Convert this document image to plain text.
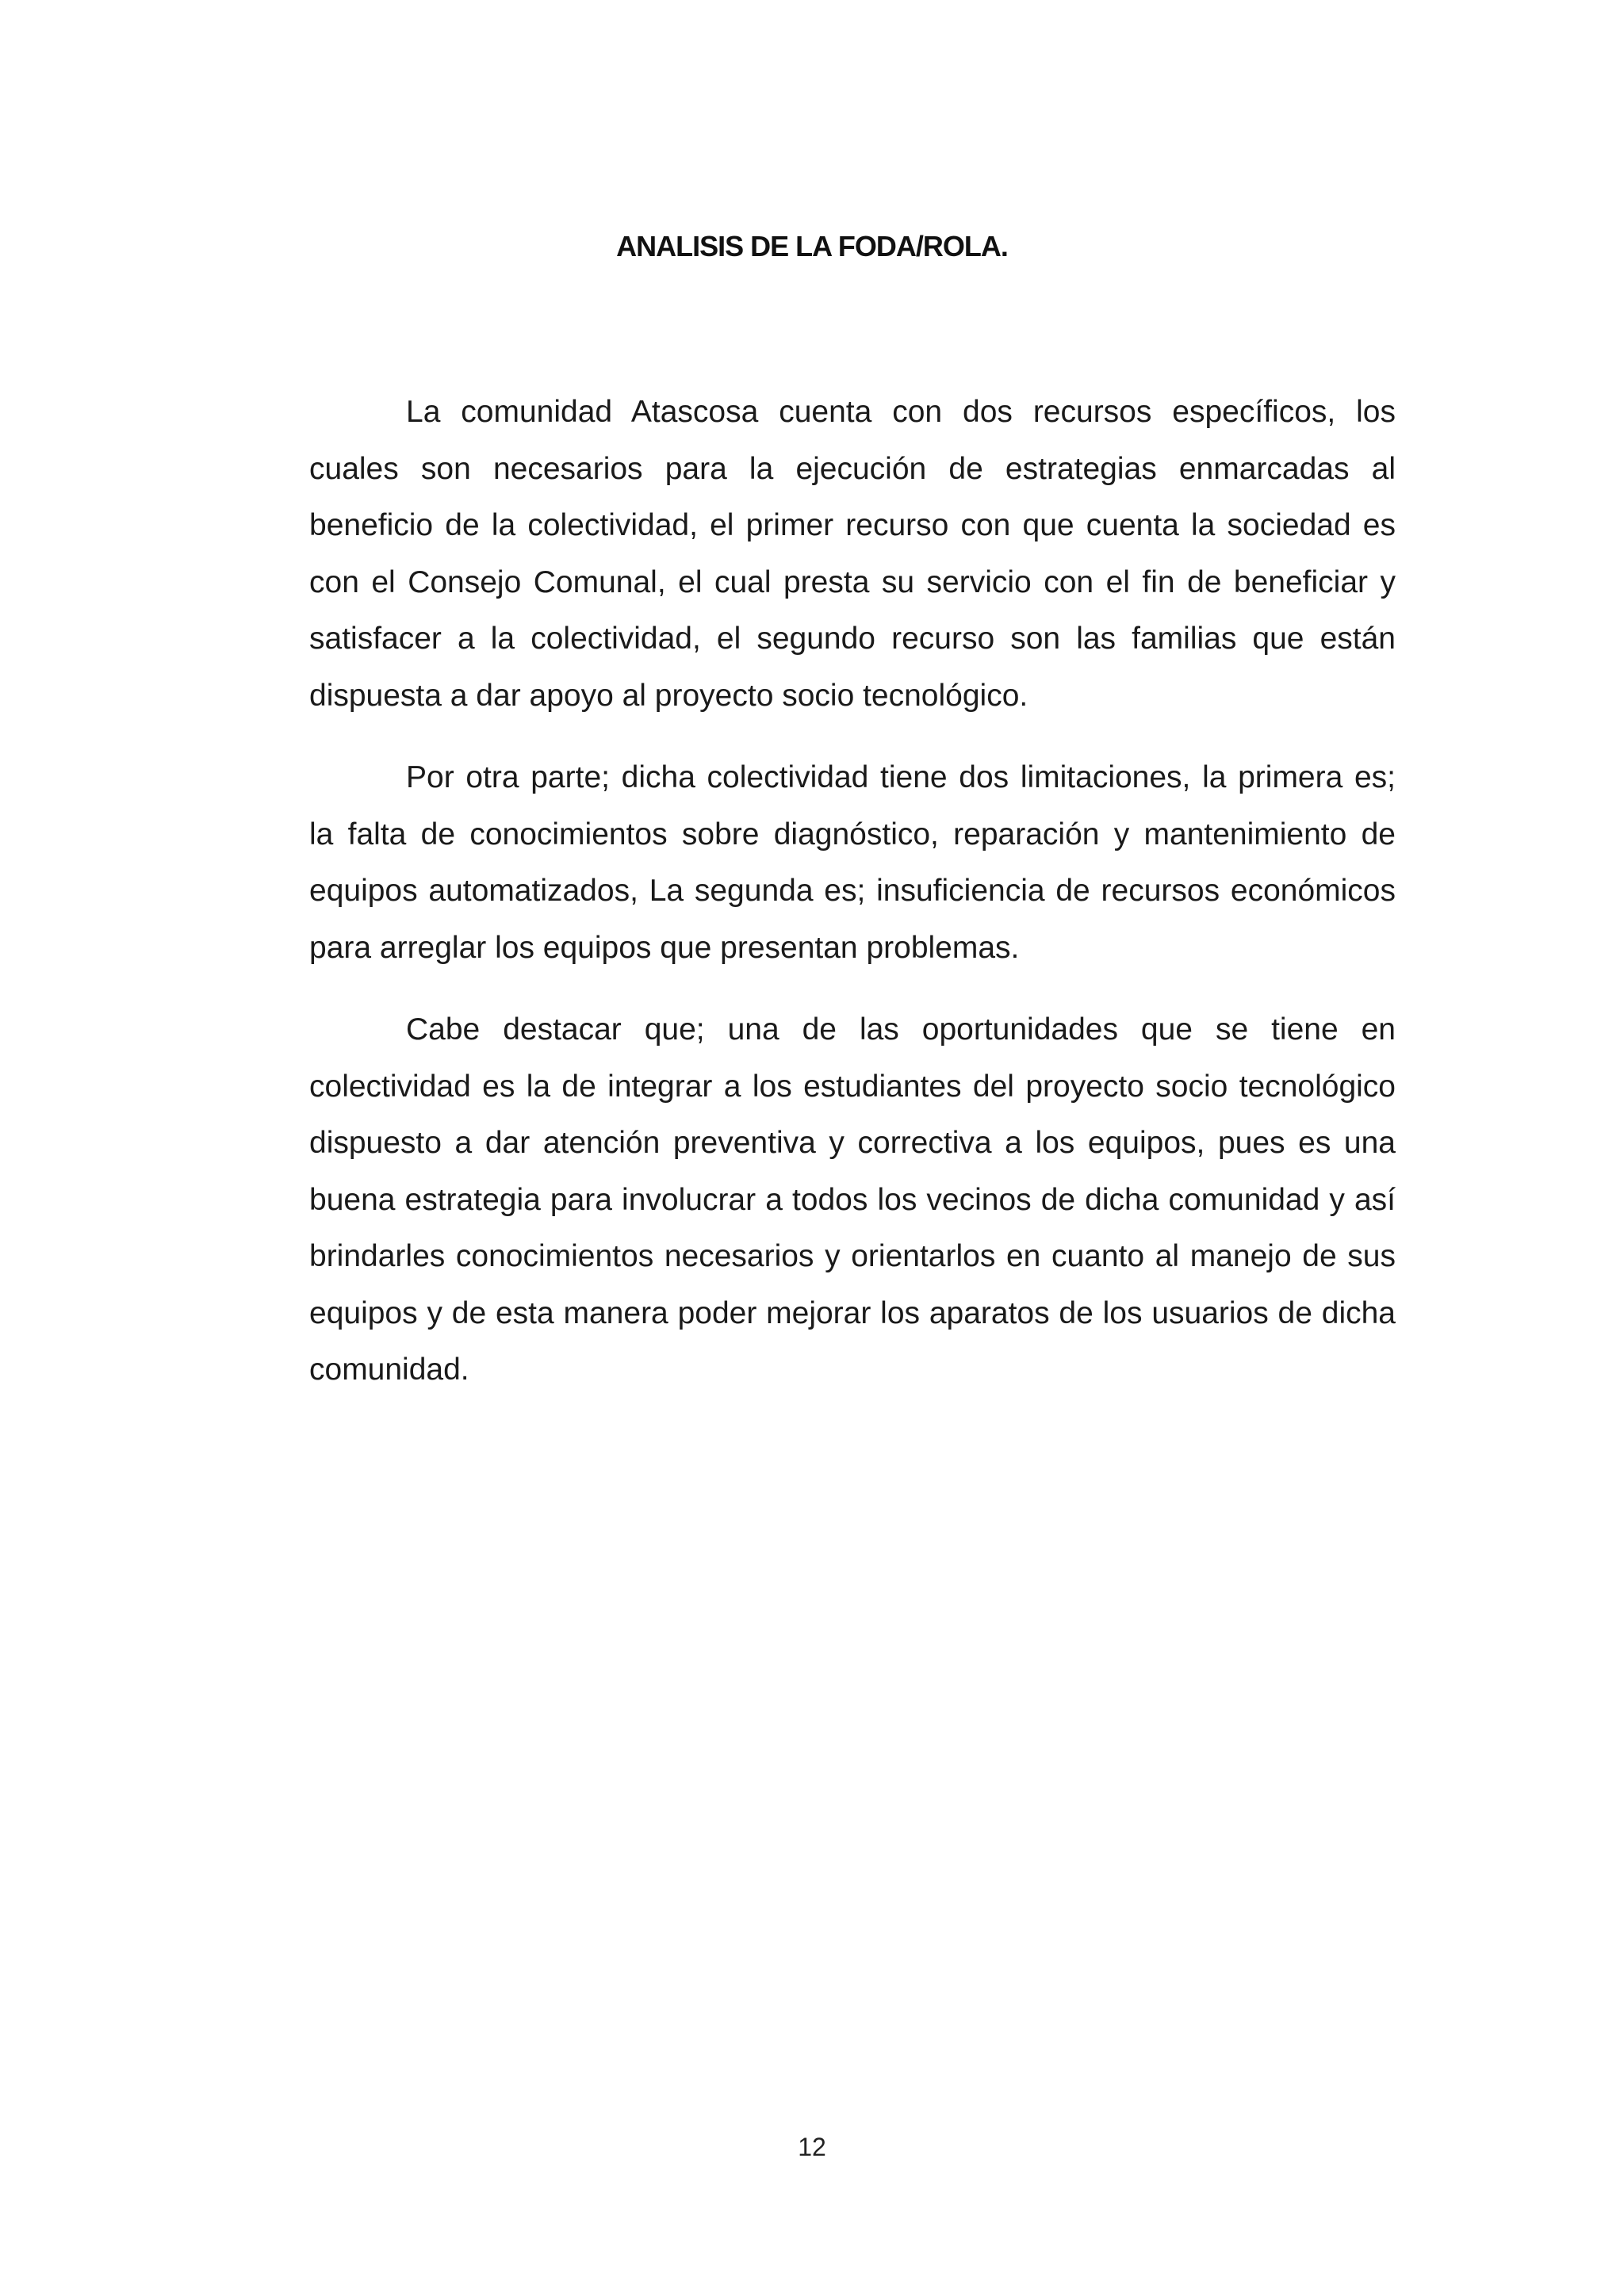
ANALISIS DE LA FODA/ROLA.

La comunidad Atascosa cuenta con dos recursos específicos, los cuales son necesarios para la ejecución de estrategias enmarcadas al beneficio de la colectividad, el primer recurso con que cuenta la sociedad es con el Consejo Comunal, el cual presta su servicio con el fin de beneficiar y satisfacer a la colectividad, el segundo recurso son las familias que están dispuesta a dar apoyo al proyecto socio tecnológico.

Por otra parte; dicha colectividad tiene dos limitaciones, la primera es; la falta de conocimientos sobre diagnóstico, reparación y mantenimiento de equipos automatizados, La segunda es; insuficiencia de recursos económicos para arreglar los equipos que presentan problemas.

Cabe destacar que; una de las oportunidades que se tiene en colectividad es la de integrar a los estudiantes del proyecto socio tecnológico dispuesto a dar atención preventiva y correctiva a los equipos, pues es una buena estrategia para involucrar a todos los vecinos de dicha comunidad y así brindarles conocimientos necesarios y orientarlos en cuanto al manejo de sus equipos y de esta manera poder mejorar los aparatos de los usuarios de dicha comunidad.

12
